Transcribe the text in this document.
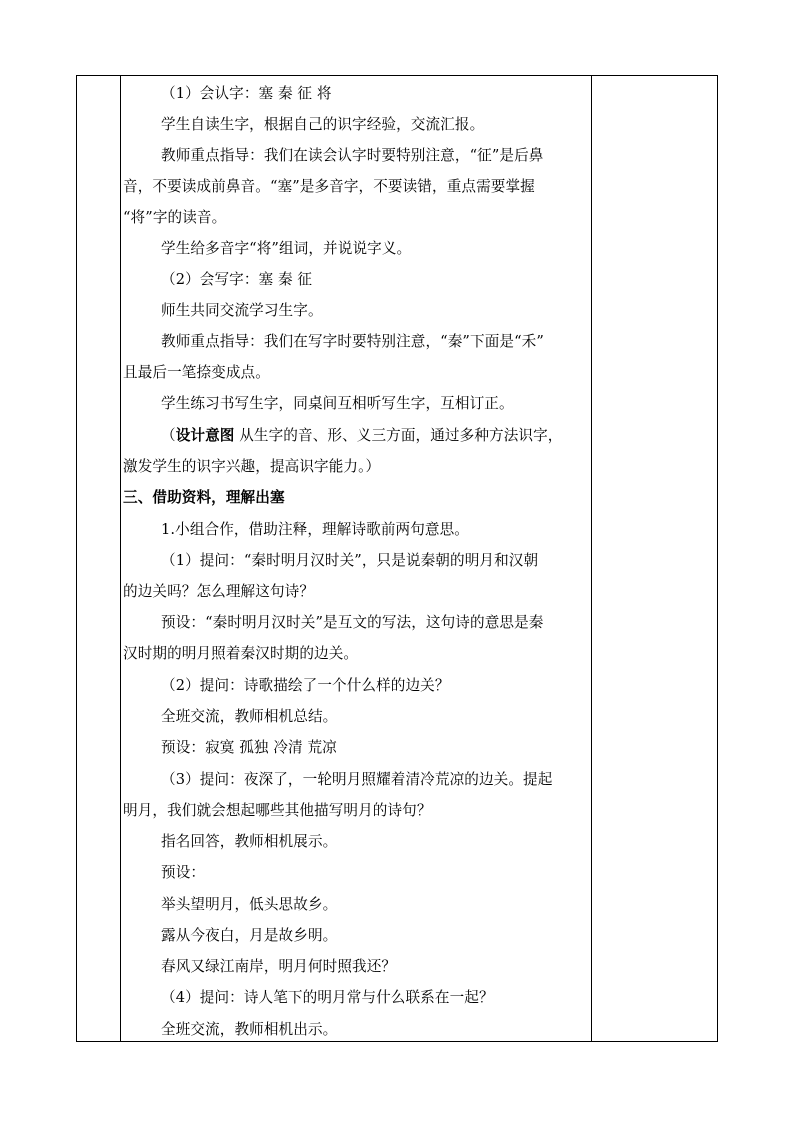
（1）会认字：塞 秦 征 将
学生自读生字，根据自己的识字经验，交流汇报。
教师重点指导：我们在读会认字时要特别注意，“征”是后鼻
音，不要读成前鼻音。“塞”是多音字，不要读错，重点需要掌握
“将”字的读音。
学生给多音字“将”组词，并说说字义。
（2）会写字：塞 秦 征
师生共同交流学习生字。
教师重点指导：我们在写字时要特别注意，“秦”下面是“禾”
且最后一笔捺变成点。
学生练习书写生字，同桌间互相听写生字，互相订正。
（设计意图 从生字的音、形、义三方面，通过多种方法识字，
激发学生的识字兴趣，提高识字能力。）
三、借助资料，理解出塞
1.小组合作，借助注释，理解诗歌前两句意思。
（1）提问：“秦时明月汉时关”，只是说秦朝的明月和汉朝
的边关吗？怎么理解这句诗？
预设：“秦时明月汉时关”是互文的写法，这句诗的意思是秦
汉时期的明月照着秦汉时期的边关。
（2）提问：诗歌描绘了一个什么样的边关？
全班交流，教师相机总结。
预设：寂寞 孤独 冷清 荒凉
（3）提问：夜深了，一轮明月照耀着清冷荒凉的边关。提起
明月，我们就会想起哪些其他描写明月的诗句？
指名回答，教师相机展示。
预设：
举头望明月，低头思故乡。
露从今夜白，月是故乡明。
春风又绿江南岸，明月何时照我还？
（4）提问：诗人笔下的明月常与什么联系在一起？
全班交流，教师相机出示。
